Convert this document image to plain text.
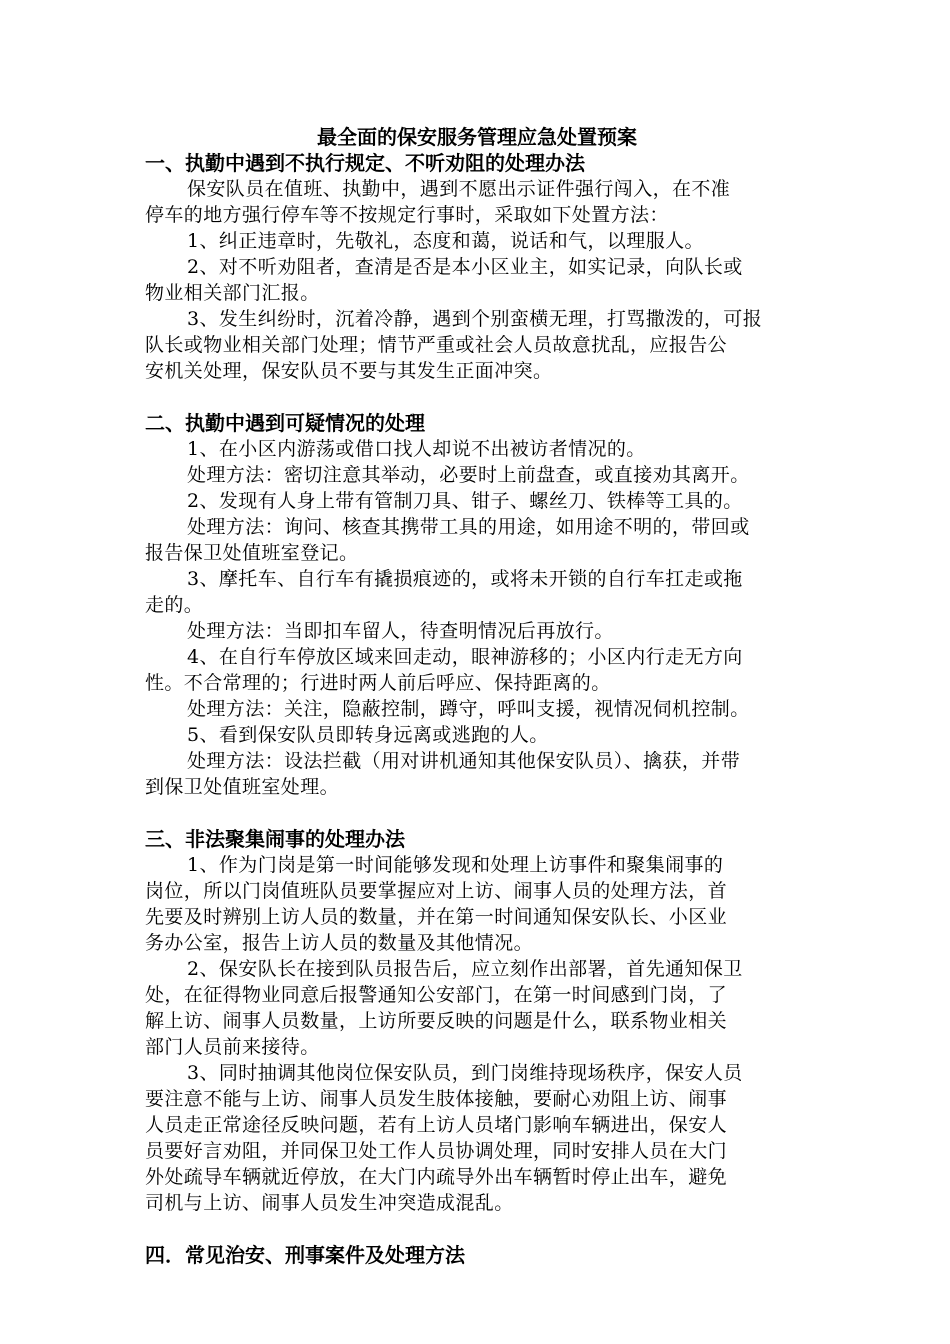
最全面的保安服务管理应急处置预案
一、执勤中遇到不执行规定、不听劝阻的处理办法
保安队员在值班、执勤中，遇到不愿出示证件强行闯入，在不准
停车的地方强行停车等不按规定行事时，采取如下处置方法：
1、纠正违章时，先敬礼，态度和蔼，说话和气，以理服人。
2、对不听劝阻者，查清是否是本小区业主，如实记录，向队长或
物业相关部门汇报。
3、发生纠纷时，沉着冷静，遇到个别蛮横无理，打骂撒泼的，可报
队长或物业相关部门处理；情节严重或社会人员故意扰乱，应报告公
安机关处理，保安队员不要与其发生正面冲突。
二、执勤中遇到可疑情况的处理
1、在小区内游荡或借口找人却说不出被访者情况的。
处理方法：密切注意其举动，必要时上前盘查，或直接劝其离开。
2、发现有人身上带有管制刀具、钳子、螺丝刀、铁棒等工具的。
处理方法：询问、核查其携带工具的用途，如用途不明的，带回或
报告保卫处值班室登记。
3、摩托车、自行车有撬损痕迹的，或将未开锁的自行车扛走或拖
走的。
处理方法：当即扣车留人，待查明情况后再放行。
4、在自行车停放区域来回走动，眼神游移的；小区内行走无方向
性。不合常理的；行进时两人前后呼应、保持距离的。
处理方法：关注，隐蔽控制，蹲守，呼叫支援，视情况伺机控制。
5、看到保安队员即转身远离或逃跑的人。
处理方法：设法拦截（用对讲机通知其他保安队员）、擒获，并带
到保卫处值班室处理。
三、非法聚集闹事的处理办法
1、作为门岗是第一时间能够发现和处理上访事件和聚集闹事的
岗位，所以门岗值班队员要掌握应对上访、闹事人员的处理方法，首
先要及时辨别上访人员的数量，并在第一时间通知保安队长、小区业
务办公室，报告上访人员的数量及其他情况。
2、保安队长在接到队员报告后，应立刻作出部署，首先通知保卫
处，在征得物业同意后报警通知公安部门，在第一时间感到门岗，了
解上访、闹事人员数量，上访所要反映的问题是什么，联系物业相关
部门人员前来接待。
3、同时抽调其他岗位保安队员，到门岗维持现场秩序，保安人员
要注意不能与上访、闹事人员发生肢体接触，要耐心劝阻上访、闹事
人员走正常途径反映问题，若有上访人员堵门影响车辆进出，保安人
员要好言劝阻，并同保卫处工作人员协调处理，同时安排人员在大门
外处疏导车辆就近停放，在大门内疏导外出车辆暂时停止出车，避免
司机与上访、闹事人员发生冲突造成混乱。
四．常见治安、刑事案件及处理方法
